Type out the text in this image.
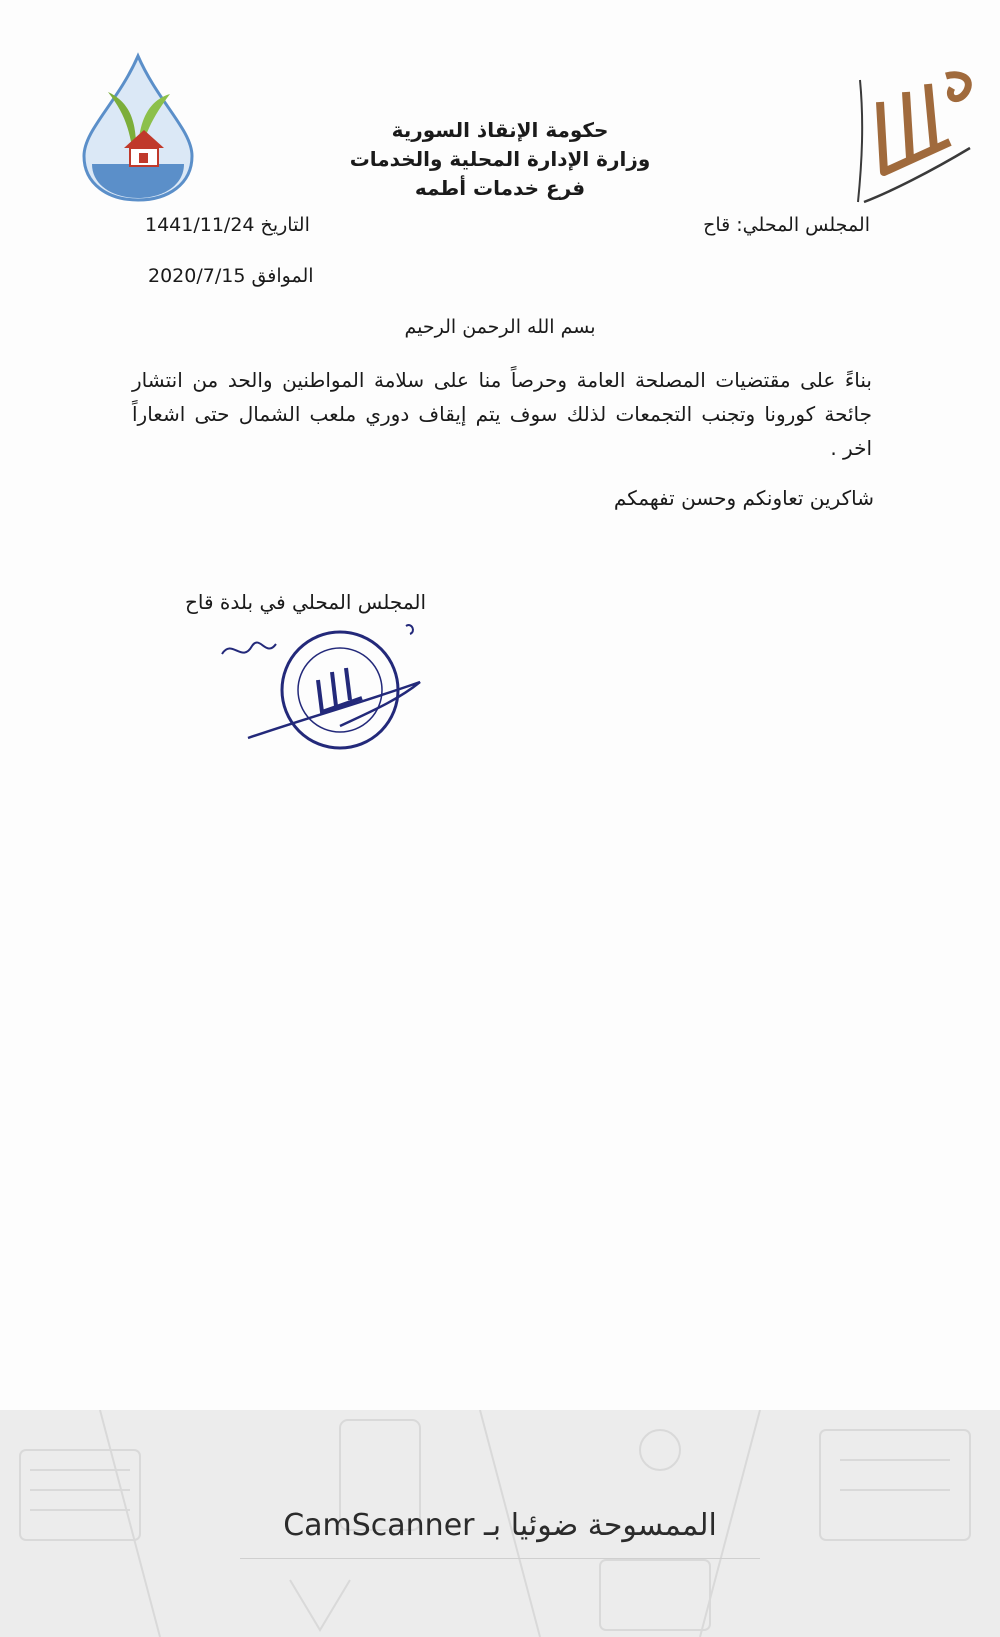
حكومة الإنقاذ السورية
وزارة الإدارة المحلية والخدمات
فرع خدمات أطمه
المجلس المحلي: قاح
التاريخ 1441/11/24
الموافق 2020/7/15
بسم الله الرحمن الرحيم
بناءً على مقتضيات المصلحة العامة وحرصاً منا على سلامة المواطنين والحد من انتشار جائحة كورونا وتجنب التجمعات لذلك سوف يتم إيقاف دوري ملعب الشمال حتى اشعاراً اخر .
شاكرين تعاونكم وحسن تفهمكم
المجلس المحلي في بلدة قاح
الممسوحة ضوئيا بـ CamScanner
